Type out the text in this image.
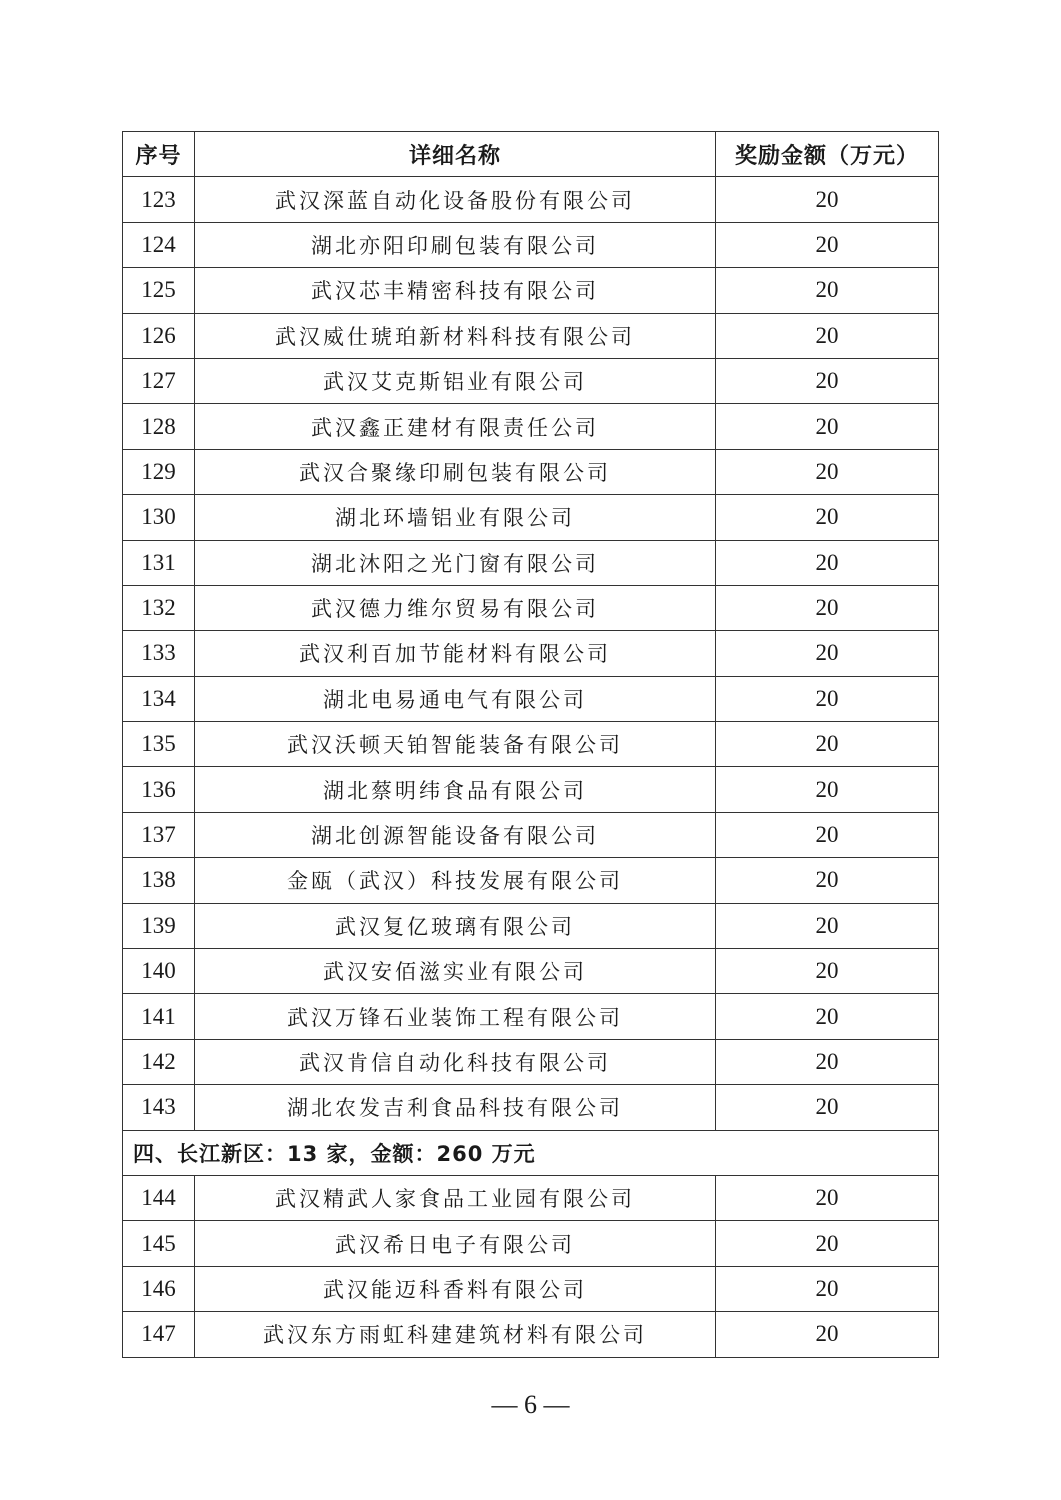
序号	详细名称	奖励金额（万元）
123	武汉深蓝自动化设备股份有限公司	20
124	湖北亦阳印刷包装有限公司	20
125	武汉芯丰精密科技有限公司	20
126	武汉威仕琥珀新材料科技有限公司	20
127	武汉艾克斯铝业有限公司	20
128	武汉鑫正建材有限责任公司	20
129	武汉合聚缘印刷包装有限公司	20
130	湖北环墙铝业有限公司	20
131	湖北沐阳之光门窗有限公司	20
132	武汉德力维尔贸易有限公司	20
133	武汉利百加节能材料有限公司	20
134	湖北电易通电气有限公司	20
135	武汉沃顿天铂智能装备有限公司	20
136	湖北蔡明纬食品有限公司	20
137	湖北创源智能设备有限公司	20
138	金瓯（武汉）科技发展有限公司	20
139	武汉复亿玻璃有限公司	20
140	武汉安佰滋实业有限公司	20
141	武汉万锋石业装饰工程有限公司	20
142	武汉肯信自动化科技有限公司	20
143	湖北农发吉利食品科技有限公司	20
四、长江新区：13 家，金额：260 万元		
144	武汉精武人家食品工业园有限公司	20
145	武汉希日电子有限公司	20
146	武汉能迈科香料有限公司	20
147	武汉东方雨虹科建建筑材料有限公司	20
— 6 —
